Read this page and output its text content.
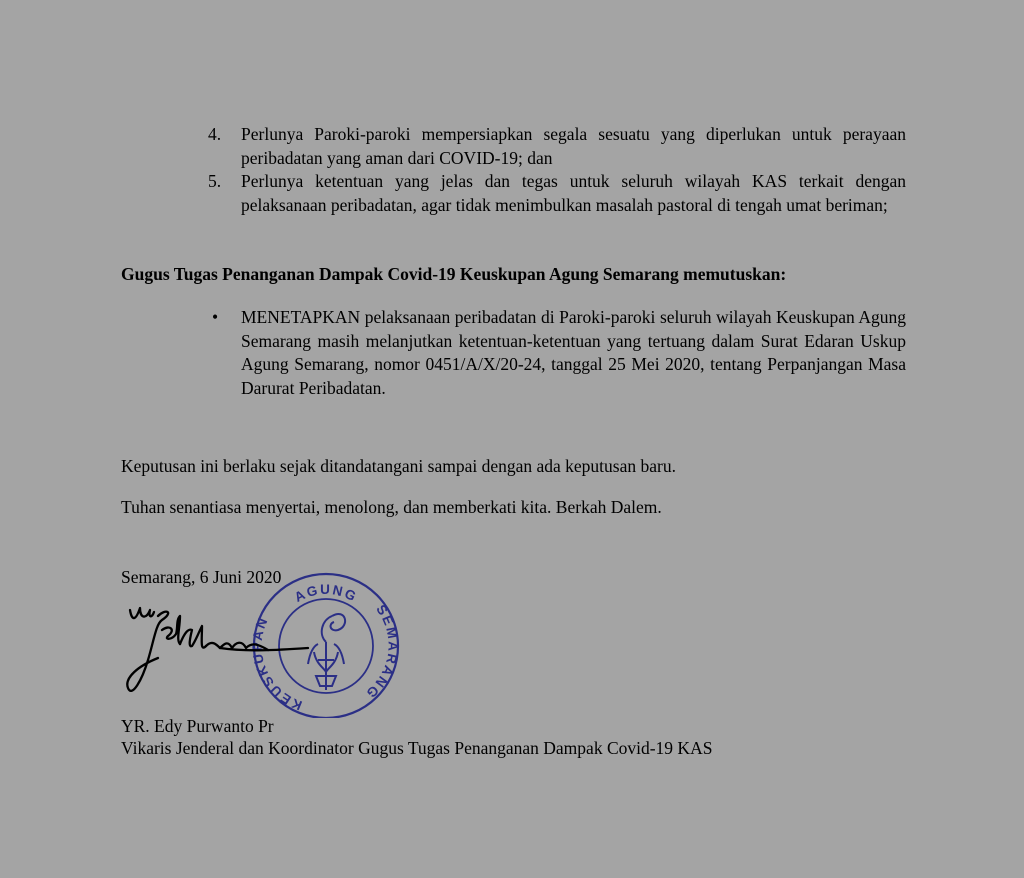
4. Perlunya Paroki-paroki mempersiapkan segala sesuatu yang diperlukan untuk perayaan peribadatan yang aman dari COVID-19; dan
5. Perlunya ketentuan yang jelas dan tegas untuk seluruh wilayah KAS terkait dengan pelaksanaan peribadatan, agar tidak menimbulkan masalah pastoral di tengah umat beriman;
Gugus Tugas Penanganan Dampak Covid-19 Keuskupan Agung Semarang memutuskan:
• MENETAPKAN pelaksanaan peribadatan di Paroki-paroki seluruh wilayah Keuskupan Agung Semarang masih melanjutkan ketentuan-ketentuan yang tertuang dalam Surat Edaran Uskup Agung Semarang, nomor 0451/A/X/20-24, tanggal 25 Mei 2020, tentang Perpanjangan Masa Darurat Peribadatan.

Keputusan ini berlaku sejak ditandatangani sampai dengan ada keputusan baru.

Tuhan senantiasa menyertai, menolong, dan memberkati kita. Berkah Dalem.

Semarang, 6 Juni 2020

AGUNG
KEUSKUPAN
SEMARANG

YR. Edy Purwanto Pr

Vikaris Jenderal dan Koordinator Gugus Tugas Penanganan Dampak Covid-19 KAS
